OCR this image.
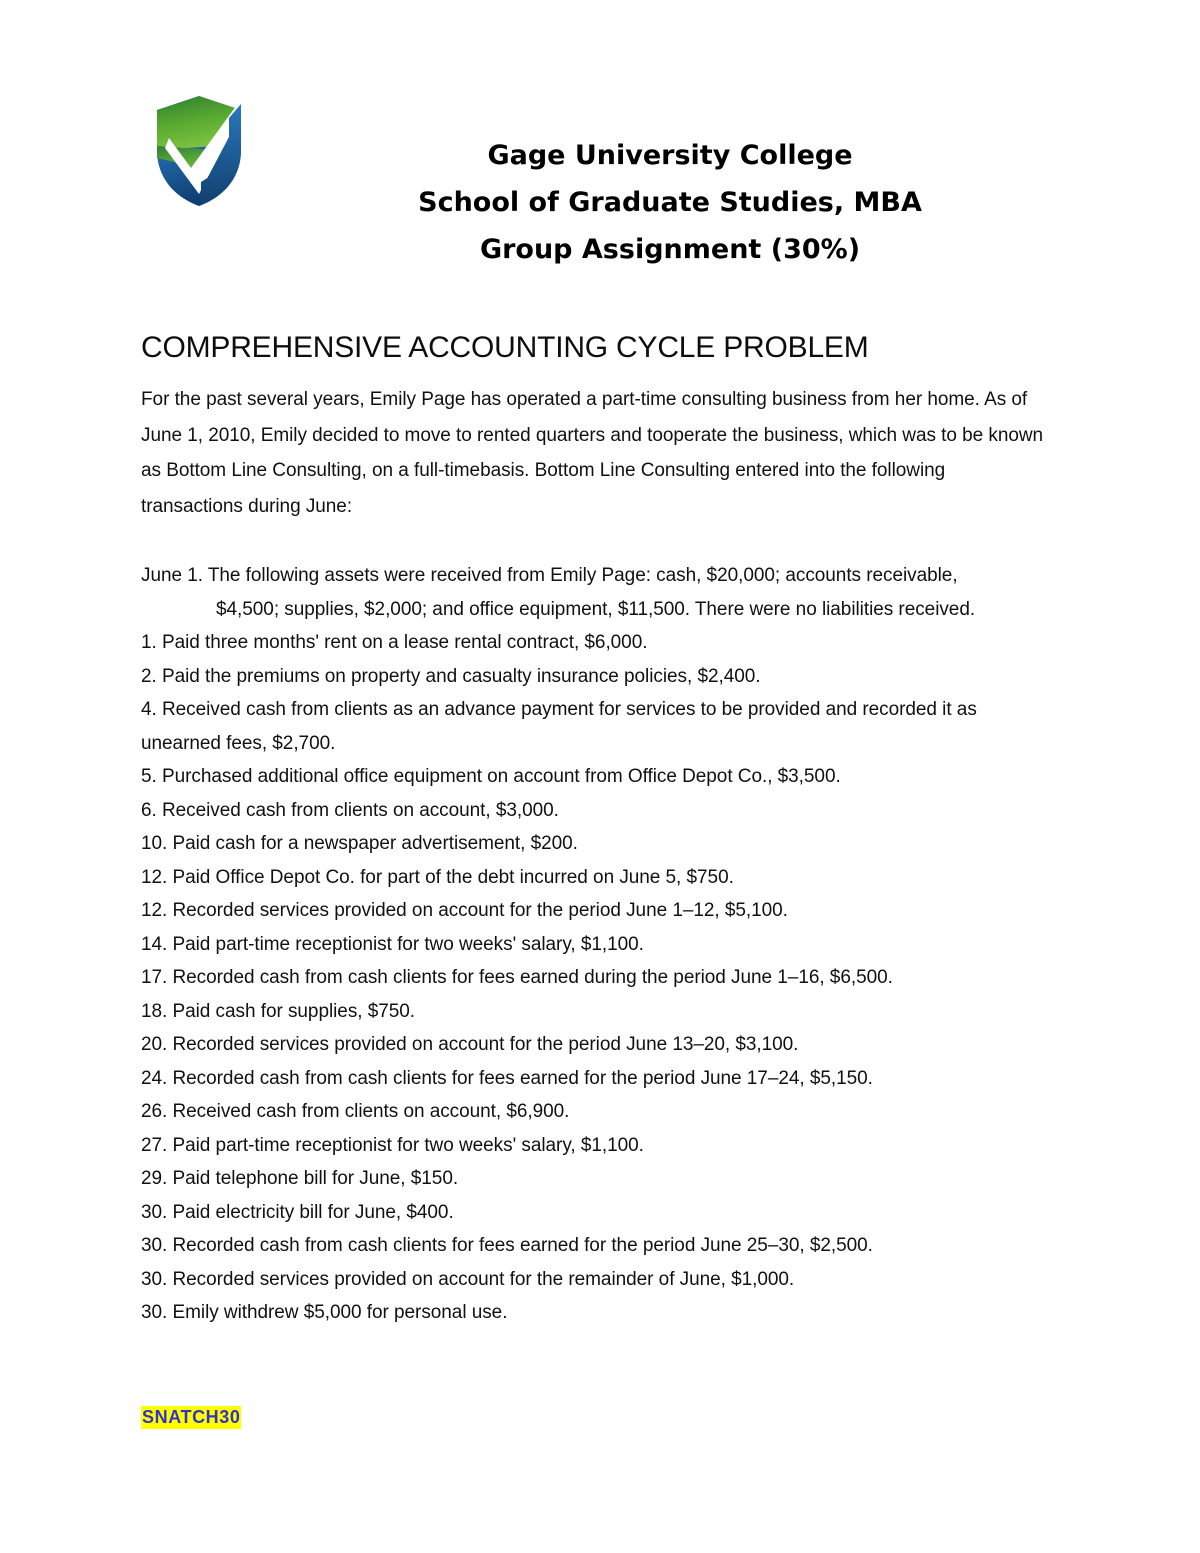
Gage University College
School of Graduate Studies, MBA
Group Assignment (30%)
COMPREHENSIVE ACCOUNTING CYCLE PROBLEM

For the past several years, Emily Page has operated a part-time consulting business from her home. As of June 1, 2010, Emily decided to move to rented quarters and tooperate the business, which was to be known as Bottom Line Consulting, on a full-timebasis. Bottom Line Consulting entered into the following transactions during June:

June 1. The following assets were received from Emily Page: cash, $20,000; accounts receivable,

$4,500; supplies, $2,000; and office equipment, $11,500. There were no liabilities received.

1. Paid three months' rent on a lease rental contract, $6,000.

2. Paid the premiums on property and casualty insurance policies, $2,400.

4. Received cash from clients as an advance payment for services to be provided and recorded it as unearned fees, $2,700.

5. Purchased additional office equipment on account from Office Depot Co., $3,500.

6. Received cash from clients on account, $3,000.

10. Paid cash for a newspaper advertisement, $200.

12. Paid Office Depot Co. for part of the debt incurred on June 5, $750.

12. Recorded services provided on account for the period June 1–12, $5,100.

14. Paid part-time receptionist for two weeks' salary, $1,100.

17. Recorded cash from cash clients for fees earned during the period June 1–16, $6,500.

18. Paid cash for supplies, $750.

20. Recorded services provided on account for the period June 13–20, $3,100.

24. Recorded cash from cash clients for fees earned for the period June 17–24, $5,150.

26. Received cash from clients on account, $6,900.

27. Paid part-time receptionist for two weeks' salary, $1,100.

29. Paid telephone bill for June, $150.

30. Paid electricity bill for June, $400.

30. Recorded cash from cash clients for fees earned for the period June 25–30, $2,500.

30. Recorded services provided on account for the remainder of June, $1,000.

30. Emily withdrew $5,000 for personal use.

SNATCH30
